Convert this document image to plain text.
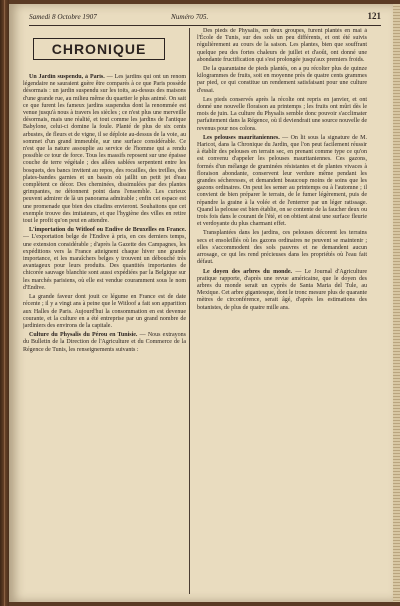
Samedi 8 Octobre 1907	Numéro 705.	121
CHRONIQUE

Un Jardin suspendu, à Paris. — Les jardins qui ont un renom légendaire ne sauraient guère être comparés à ce que Paris possède désormais : un jardin suspendu sur les toits, au-dessus des maisons d'une grande rue, au milieu même du quartier le plus animé. On sait ce que furent les fameux jardins suspendus dont la renommée est venue jusqu'à nous à travers les siècles ; ce n'est plus une merveille désormais, mais une réalité, et tout comme les jardins de l'antique Babylone, celui-ci domine la foule. Planté de plus de six cents arbustes, de fleurs et de vigne, il se déploie au-dessus de la voie, au sommet d'un grand immeuble, sur une surface considérable. Ce n'est que la nature assouplie au service de l'homme qui a rendu possible ce tour de force. Tous les massifs reposent sur une épaisse couche de terre végétale ; des allées sablées serpentent entre les bosquets, des bancs invitent au repos, des rocailles, des treilles, des plates-bandes garnies et un bassin où jaillit un petit jet d'eau complètent ce décor. Des cheminées, dissimulées par des plantes grimpantes, ne détonnent point dans l'ensemble. Les curieux peuvent admirer de là un panorama admirable ; enfin cet espace est une promenade que bien des citadins envieront. Souhaitons que cet exemple trouve des imitateurs, et que l'hygiène des villes en retire tout le profit qu'on peut en attendre.

L'importation du Witloof ou Endive de Bruxelles en France. — L'exportation belge de l'Endive à pris, en ces derniers temps, une extension considérable ; d'après la Gazette des Campagnes, les expéditions vers la France atteignent chaque hiver une grande importance, et les maraîchers belges y trouvent un débouché très avantageux pour leurs produits. Des quantités importantes de chicorée sauvage blanchie sont aussi expédiées par la Belgique sur les marchés parisiens, où elle est vendue couramment sous le nom d'Endive.

La grande faveur dont jouit ce légume en France est de date récente ; il y a vingt ans à peine que le Witloof a fait son apparition aux Halles de Paris. Aujourd'hui la consommation en est devenue courante, et la culture en a été entreprise par un grand nombre de jardiniers des environs de la capitale.

Culture du Physalis du Pérou en Tunisie. — Nous extrayons du Bulletin de la Direction de l'Agriculture et du Commerce de la Régence de Tunis, les renseignements suivants :

Des pieds de Physalis, en deux groupes, furent plantés en mai à l'École de Tunis, sur des sols un peu différents, et ont été suivis régulièrement au cours de la saison. Les plantes, bien que souffrant quelque peu des fortes chaleurs de juillet et d'août, ont donné une abondante fructification qui s'est prolongée jusqu'aux premiers froids.

De la quarantaine de pieds plantés, on a pu récolter plus de quinze kilogrammes de fruits, soit en moyenne près de quatre cents grammes par pied, ce qui constitue un rendement satisfaisant pour une culture d'essai.

Les pieds conservés après la récolte ont repris en janvier, et ont donné une nouvelle floraison au printemps ; les fruits ont mûri dès le mois de juin. La culture du Physalis semble donc pouvoir s'acclimater parfaitement dans la Régence, où il deviendrait une source nouvelle de revenus pour nos colons.

Les pelouses mauritaniennes. — On lit sous la signature de M. Haricot, dans la Chronique du Jardin, que l'on peut facilement réussir à établir des pelouses en terrain sec, en prenant comme type ce qu'on est convenu d'appeler les pelouses mauritaniennes. Ces gazons, formés d'un mélange de graminées résistantes et de plantes vivaces à floraison abondante, conservent leur verdure même pendant les grandes sécheresses, et demandent beaucoup moins de soins que les gazons ordinaires. On peut les semer au printemps ou à l'automne ; il convient de bien préparer le terrain, de le fumer légèrement, puis de répandre la graine à la volée et de l'enterrer par un léger ratissage. Quand la pelouse est bien établie, on se contente de la faucher deux ou trois fois dans le courant de l'été, et on obtient ainsi une surface fleurie et verdoyante du plus charmant effet.

Transplantées dans les jardins, ces pelouses décorent les terrains secs et ensoleillés où les gazons ordinaires ne peuvent se maintenir ; elles s'accommodent des sols pauvres et ne demandent aucun arrosage, ce qui les rend précieuses dans les propriétés où l'eau fait défaut.

Le doyen des arbres du monde. — Le Journal d'Agriculture pratique rapporte, d'après une revue américaine, que le doyen des arbres du monde serait un cyprès de Santa Maria del Tule, au Mexique. Cet arbre gigantesque, dont le tronc mesure plus de quarante mètres de circonférence, serait âgé, d'après les estimations des botanistes, de plus de quatre mille ans.
